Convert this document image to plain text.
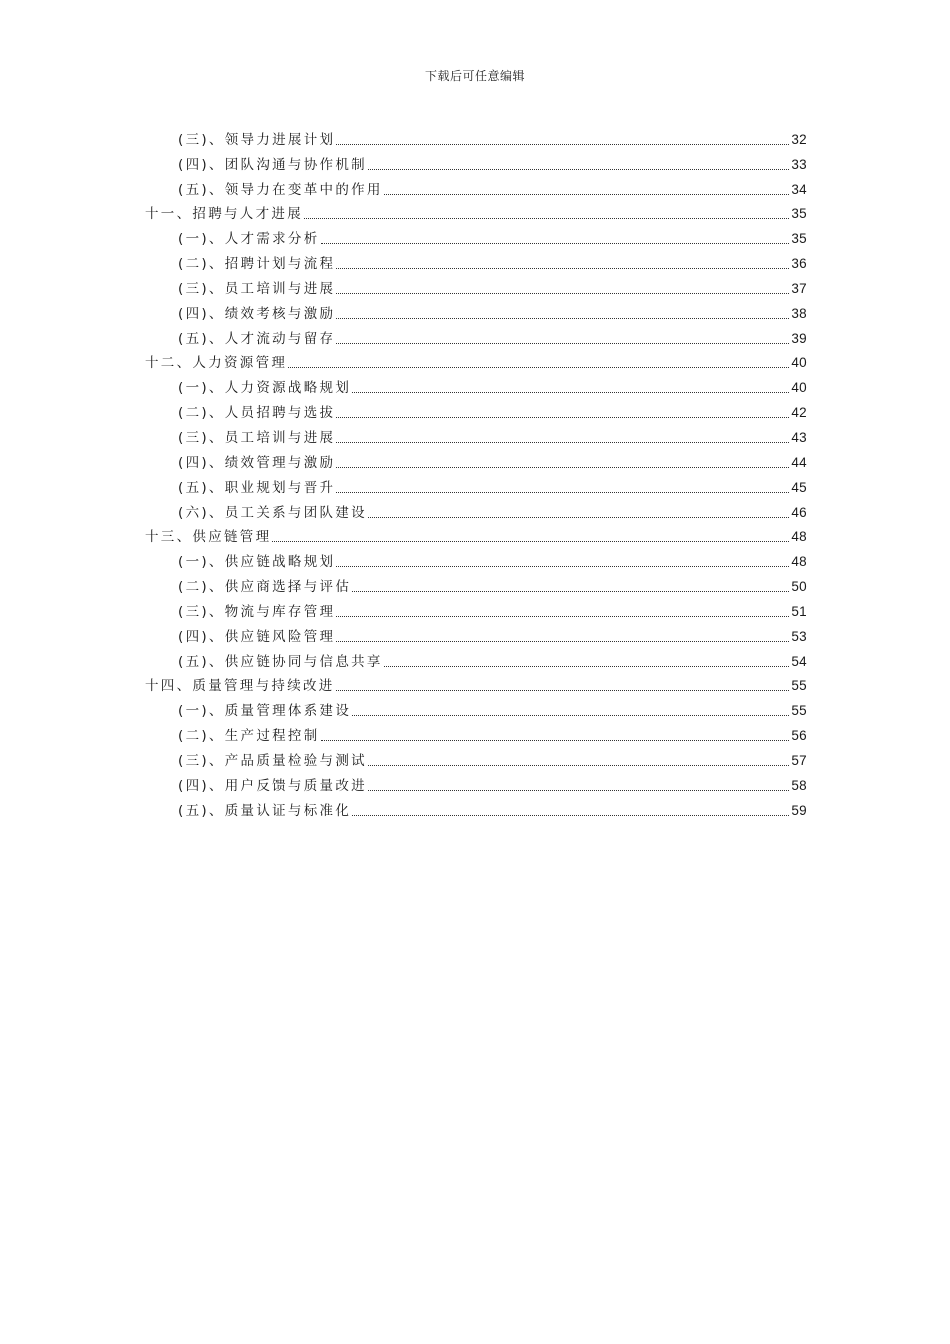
下载后可任意编辑
(三)、领导力进展计划	32
(四)、团队沟通与协作机制	33
(五)、领导力在变革中的作用	34
十一、招聘与人才进展	35
(一)、人才需求分析	35
(二)、招聘计划与流程	36
(三)、员工培训与进展	37
(四)、绩效考核与激励	38
(五)、人才流动与留存	39
十二、人力资源管理	40
(一)、人力资源战略规划	40
(二)、人员招聘与选拔	42
(三)、员工培训与进展	43
(四)、绩效管理与激励	44
(五)、职业规划与晋升	45
(六)、员工关系与团队建设	46
十三、供应链管理	48
(一)、供应链战略规划	48
(二)、供应商选择与评估	50
(三)、物流与库存管理	51
(四)、供应链风险管理	53
(五)、供应链协同与信息共享	54
十四、质量管理与持续改进	55
(一)、质量管理体系建设	55
(二)、生产过程控制	56
(三)、产品质量检验与测试	57
(四)、用户反馈与质量改进	58
(五)、质量认证与标准化	59
